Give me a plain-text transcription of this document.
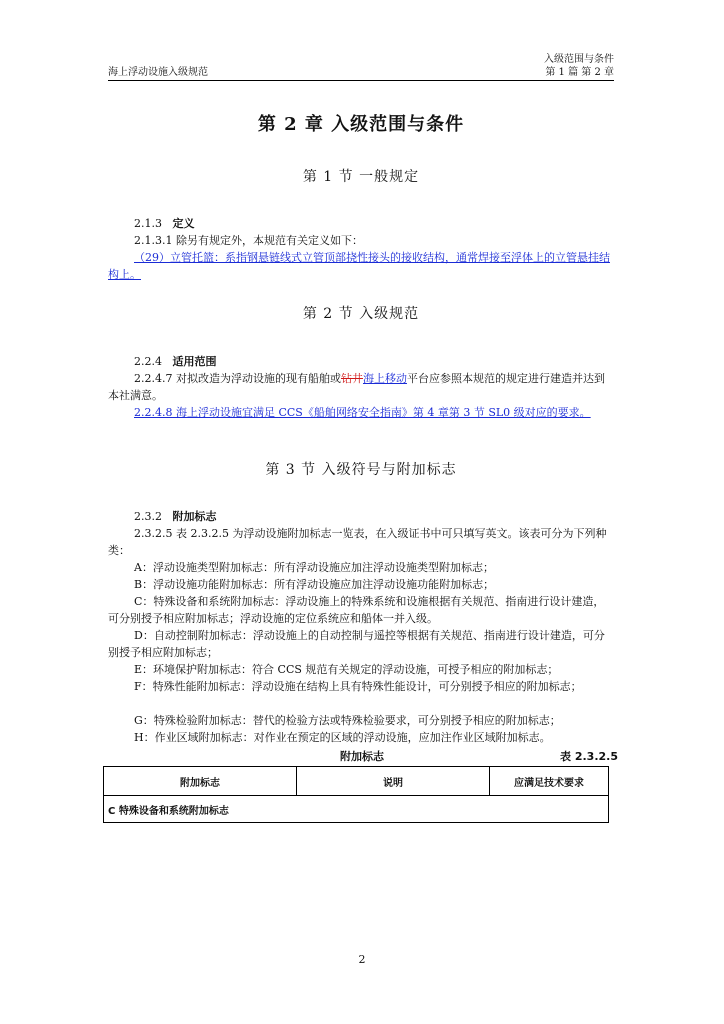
海上浮动设施入级规范
入级范围与条件
第 1 篇 第 2 章
第 2 章 入级范围与条件
第 1 节 一般规定
2.1.3 定义
2.1.3.1 除另有规定外，本规范有关定义如下：
（29）立管托篮：系指钢悬链线式立管顶部挠性接头的接收结构，通常焊接至浮体上的立管悬挂结构上。
第 2 节 入级规范
2.2.4 适用范围
2.2.4.7 对拟改造为浮动设施的现有船舶或钻井海上移动平台应参照本规范的规定进行建造并达到本社满意。
2.2.4.8 海上浮动设施宜满足 CCS《船舶网络安全指南》第 4 章第 3 节 SL0 级对应的要求。
第 3 节 入级符号与附加标志
2.3.2 附加标志
2.3.2.5 表 2.3.2.5 为浮动设施附加标志一览表，在入级证书中可只填写英文。该表可分为下列种类：
A：浮动设施类型附加标志：所有浮动设施应加注浮动设施类型附加标志；
B：浮动设施功能附加标志：所有浮动设施应加注浮动设施功能附加标志；
C：特殊设备和系统附加标志：浮动设施上的特殊系统和设施根据有关规范、指南进行设计建造，可分别授予相应附加标志；浮动设施的定位系统应和船体一并入级。
D：自动控制附加标志：浮动设施上的自动控制与遥控等根据有关规范、指南进行设计建造，可分别授予相应附加标志；
E：环境保护附加标志：符合 CCS 规范有关规定的浮动设施，可授予相应的附加标志；
F：特殊性能附加标志：浮动设施在结构上具有特殊性能设计，可分别授予相应的附加标志；
G：特殊检验附加标志：替代的检验方法或特殊检验要求，可分别授予相应的附加标志；
H：作业区域附加标志：对作业在预定的区域的浮动设施，应加注作业区域附加标志。
附加标志	表 2.3.2.5
附加标志	说明	应满足技术要求
C 特殊设备和系统附加标志
2
